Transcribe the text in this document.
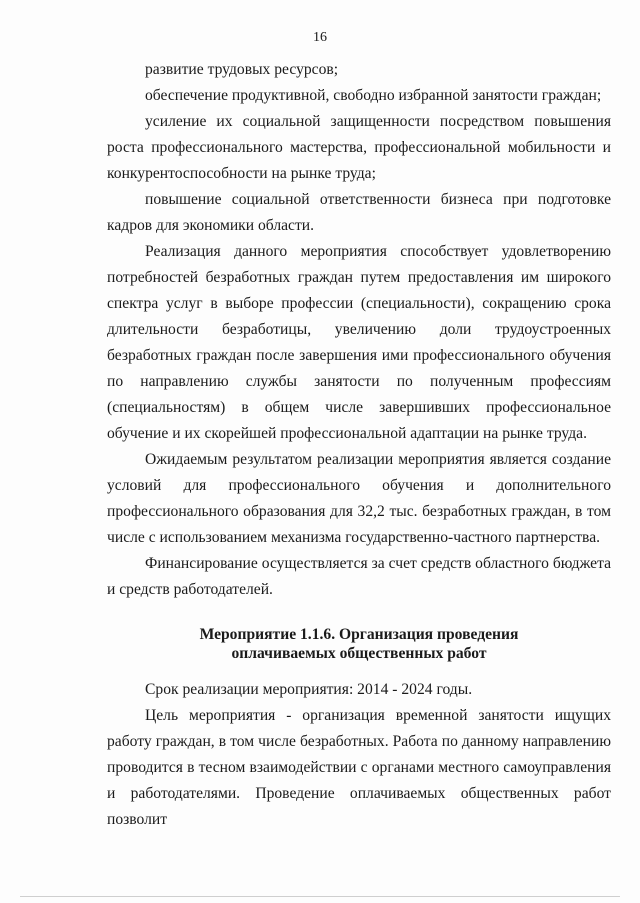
16

развитие трудовых ресурсов;

обеспечение продуктивной, свободно избранной занятости граждан;

усиление их социальной защищенности посредством повышения роста профессионального мастерства, профессиональной мобильности и конкурентоспособности на рынке труда;

повышение социальной ответственности бизнеса при подготовке кадров для экономики области.

Реализация данного мероприятия способствует удовлетворению потребностей безработных граждан путем предоставления им широкого спектра услуг в выборе профессии (специальности), сокращению срока длительности безработицы, увеличению доли трудоустроенных безработных граждан после завершения ими профессионального обучения по направлению службы занятости по полученным профессиям (специальностям) в общем числе завершивших профессиональное обучение и их скорейшей профессиональной адаптации на рынке труда.

Ожидаемым результатом реализации мероприятия является создание условий для профессионального обучения и дополнительного профессионального образования для 32,2 тыс. безработных граждан, в том числе с использованием механизма государственно-частного партнерства.

Финансирование осуществляется за счет средств областного бюджета и средств работодателей.

Мероприятие 1.1.6. Организация проведения оплачиваемых общественных работ

Срок реализации мероприятия: 2014 - 2024 годы.

Цель мероприятия - организация временной занятости ищущих работу граждан, в том числе безработных. Работа по данному направлению проводится в тесном взаимодействии с органами местного самоуправления и работодателями. Проведение оплачиваемых общественных работ позволит
